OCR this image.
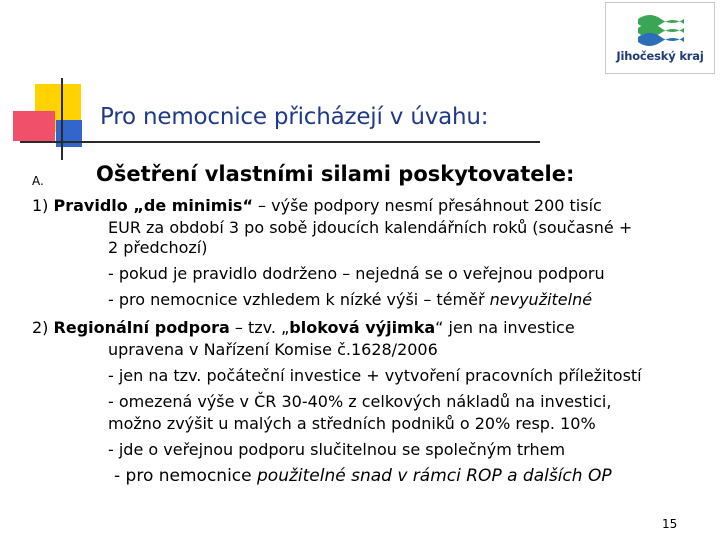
Jihočeský kraj
Pro nemocnice přicházejí v úvahu:
A. Ošetření vlastními silami poskytovatele:
1) Pravidlo „de minimis“ – výše podpory nesmí přesáhnout 200 tisíc
EUR za období 3 po sobě jdoucích kalendářních roků (současné +
2 předchozí)
- pokud je pravidlo dodrženo – nejedná se o veřejnou podporu
- pro nemocnice vzhledem k nízké výši – téměř nevyužitelné
2) Regionální podpora – tzv. „bloková výjimka“ jen na investice
upravena v Nařízení Komise č.1628/2006
- jen na tzv. počáteční investice + vytvoření pracovních příležitostí
- omezená výše v ČR 30-40% z celkových nákladů na investici,
možno zvýšit u malých a středních podniků o 20% resp. 10%
- jde o veřejnou podporu slučitelnou se společným trhem
- pro nemocnice použitelné snad v rámci ROP a dalších OP
15
